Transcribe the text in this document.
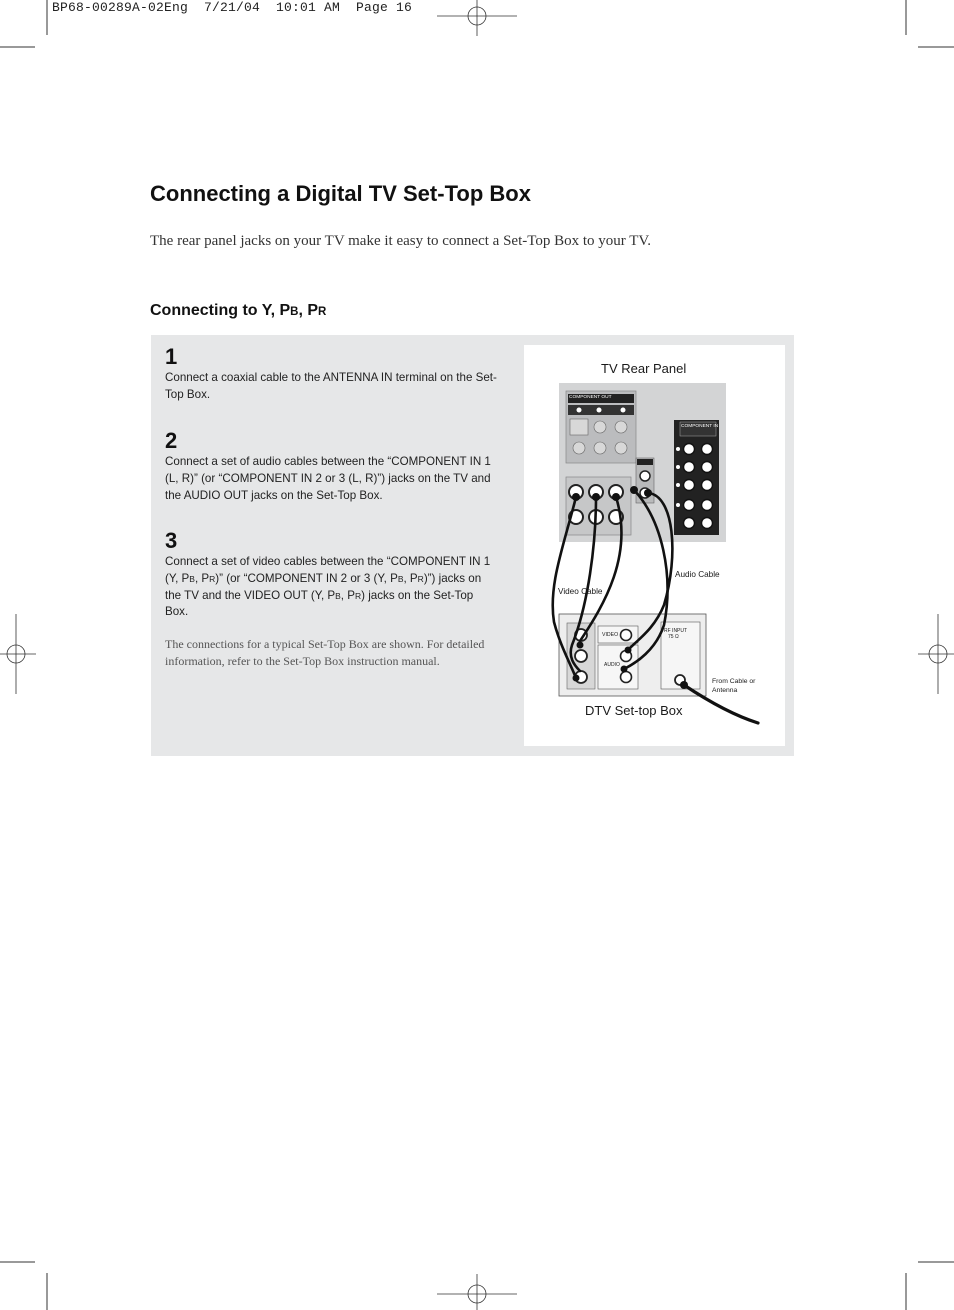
BP68-00289A-02Eng  7/21/04  10:01 AM  Page 16
Connecting a Digital TV Set-Top Box

The rear panel jacks on your TV make it easy to connect a Set-Top Box to your TV.

Connecting to Y, PB, PR
1
Connect a coaxial cable to the ANTENNA IN terminal on the Set-Top Box.
2
Connect a set of audio cables between the “COMPONENT IN 1 (L, R)” (or “COMPONENT IN 2 or 3 (L, R)”) jacks on the TV and the AUDIO OUT jacks on the Set-Top Box.
3
Connect a set of video cables between the “COMPONENT IN 1 (Y, PB, PR)” (or “COMPONENT IN 2 or 3 (Y, PB, PR)”) jacks on the TV and the VIDEO OUT (Y, PB, PR) jacks on the Set-Top Box.

The connections for a typical Set-Top Box are shown. For detailed information, refer to the Set-Top Box instruction manual.

TV Rear Panel
COMPONENT OUT
COMPONENT IN
Audio Cable
Video Cable
VIDEO
AUDIO
RF INPUT
75 Ω
From Cable or
Antenna
DTV Set-top Box
